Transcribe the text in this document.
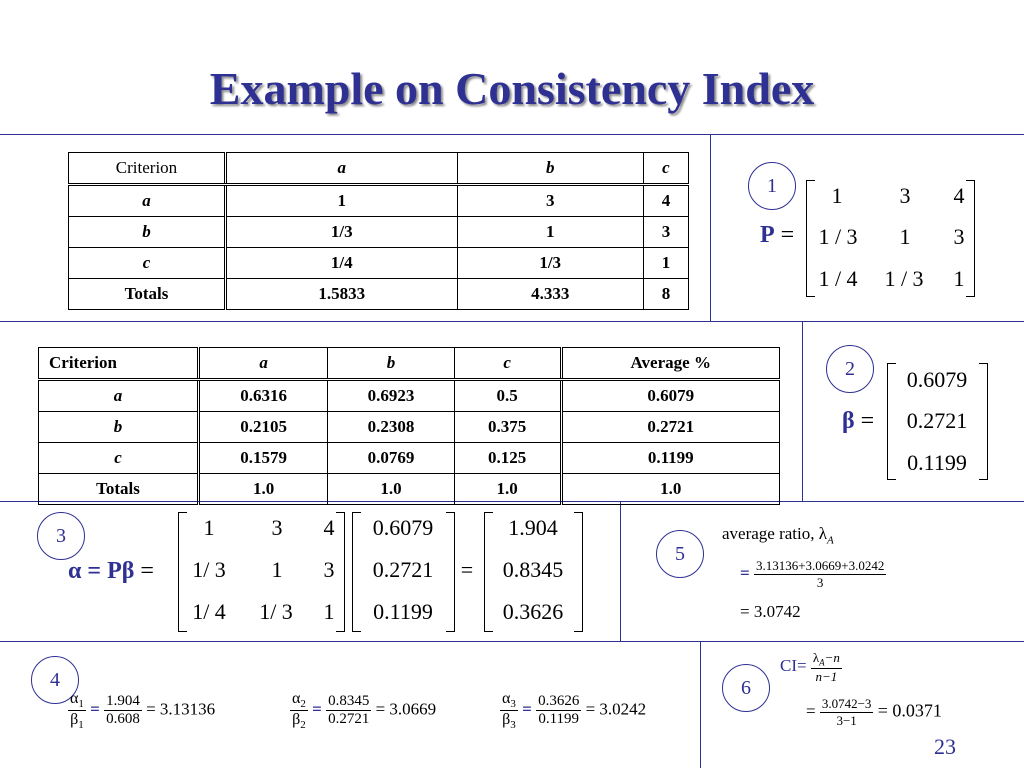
Example on Consistency Index
Criterion	a	b	c
a	1	3	4
b	1/3	1	3
c	1/4	1/3	1
Totals	1.5833	4.333	8
1
P =
1	3	4
1 / 3	1	3
1 / 4	1 / 3	1
Criterion	a	b	c	Average %
a	0.6316	0.6923	0.5	0.6079
b	0.2105	0.2308	0.375	0.2721
c	0.1579	0.0769	0.125	0.1199
Totals	1.0	1.0	1.0	1.0
2
β =
0.6079
0.2721
0.1199
3
α = Pβ =
1	3	4
1/ 3	1	3
1/ 4	1/ 3	1
0.6079
0.2721
0.1199
=
1.904
0.8345
0.3626
5
average ratio, $\lambda_A$
= $\frac{3.13136+3.0669+3.0242}{3}$
= 3.0742
4
$\frac{\alpha_1}{\beta_1} = \frac{1.904}{0.608} = 3.13136$	$\frac{\alpha_2}{\beta_2} = \frac{0.8345}{0.2721} = 3.0669$	$\frac{\alpha_3}{\beta_3} = \frac{0.3626}{0.1199} = 3.0242$
6
$CI= \frac{\lambda_A-n}{n-1}$
= $\frac{3.0742-3}{3-1} = 0.0371$
23
